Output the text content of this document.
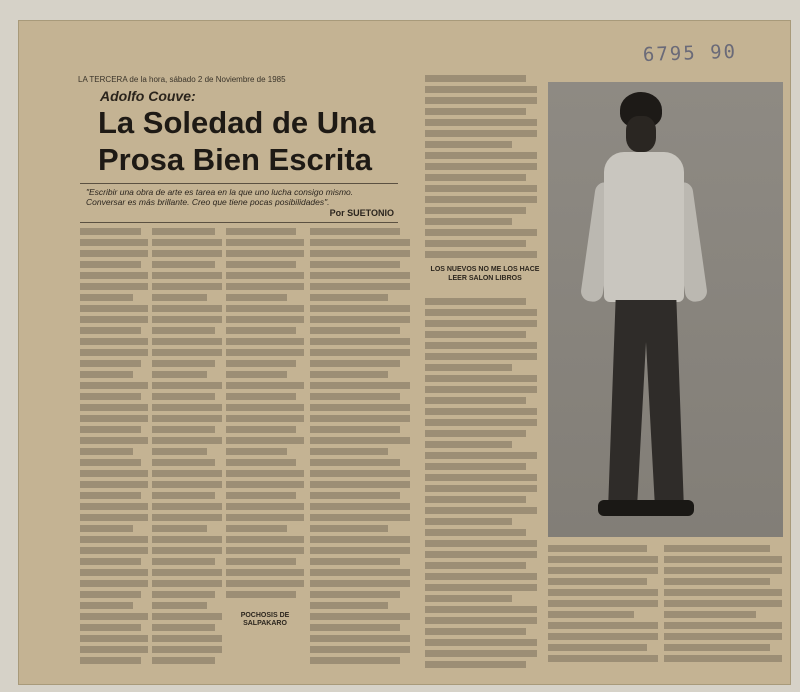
6795 90
LA TERCERA de la hora, sábado 2 de Noviembre de 1985
Adolfo Couve:
La Soledad de Una
Prosa Bien Escrita
"Escribir una obra de arte es tarea en la que uno lucha consigo mismo. Conversar es más brillante. Creo que tiene pocas posibilidades".
Por SUETONIO
POCHOSIS DE SALPAKARO
LOS NUEVOS NO ME LOS HACE LEER SALON LIBROS
